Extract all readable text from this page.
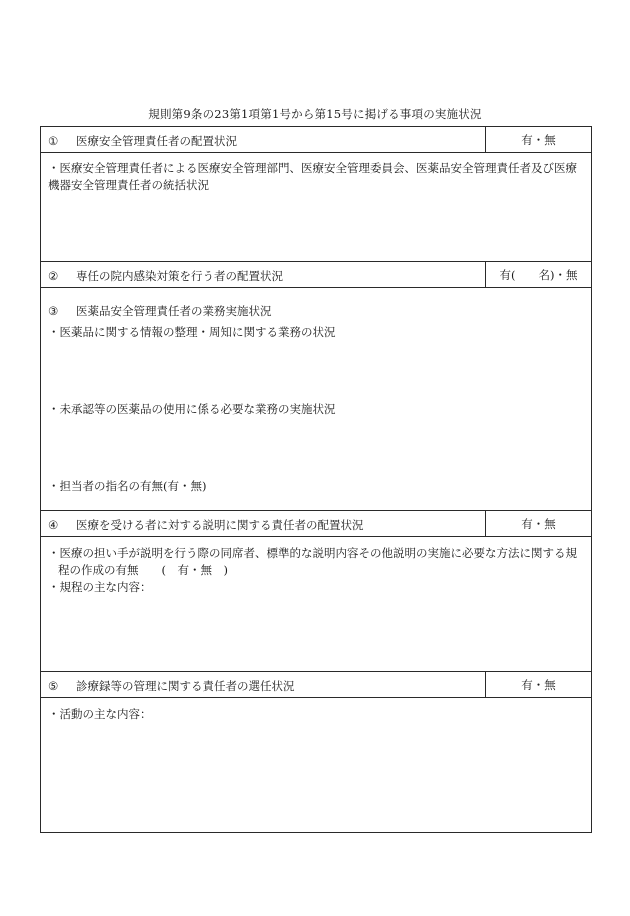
規則第9条の23第1項第1号から第15号に掲げる事項の実施状況
① 医療安全管理責任者の配置状況	有・無
・医療安全管理責任者による医療安全管理部門、医療安全管理委員会、医薬品安全管理責任者及び医療
機器安全管理責任者の統括状況
② 専任の院内感染対策を行う者の配置状況	有(　　名)・無
③ 医薬品安全管理責任者の業務実施状況
・医薬品に関する情報の整理・周知に関する業務の状況
・未承認等の医薬品の使用に係る必要な業務の実施状況
・担当者の指名の有無(有・無)
④ 医療を受ける者に対する説明に関する責任者の配置状況	有・無
・医療の担い手が説明を行う際の同席者、標準的な説明内容その他説明の実施に必要な方法に関する規
程の作成の有無　　(　有・無　)
・規程の主な内容：
⑤ 診療録等の管理に関する責任者の選任状況	有・無
・活動の主な内容：
